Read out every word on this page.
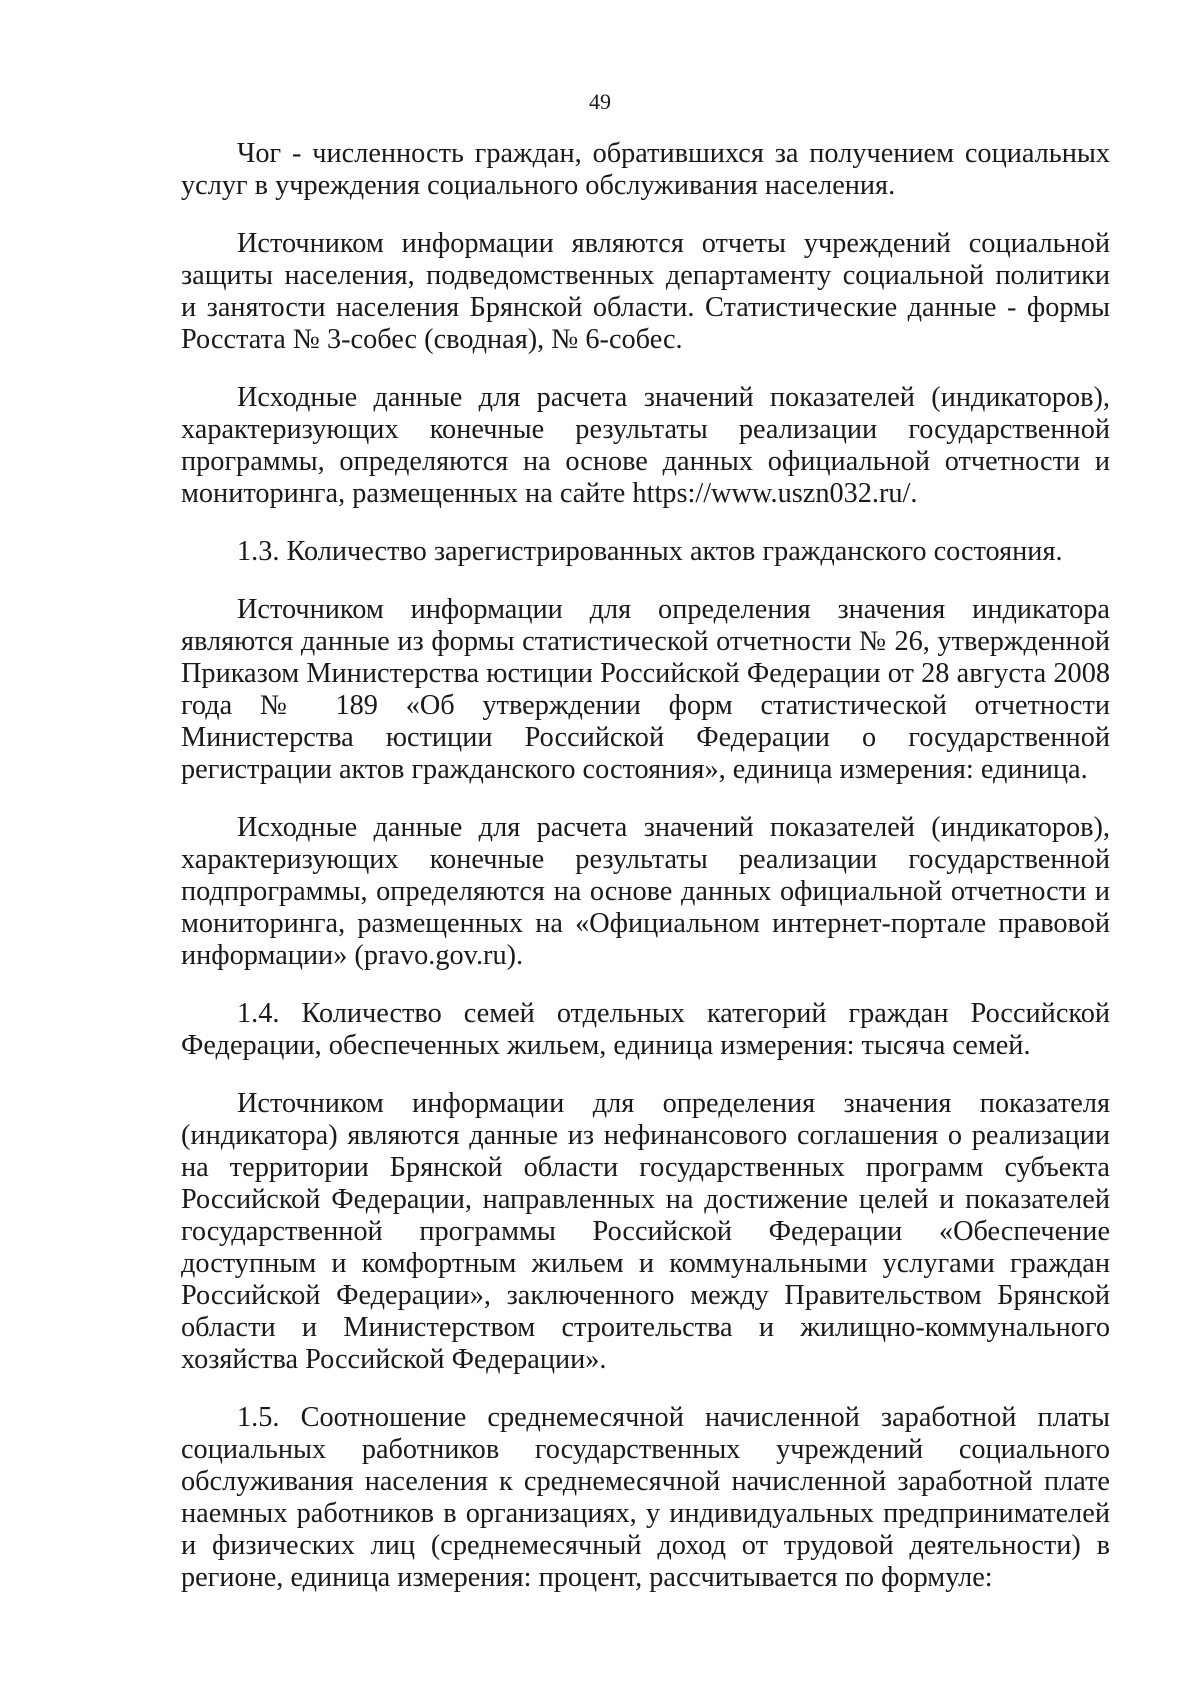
49

Чог - численность граждан, обратившихся за получением социальных услуг в учреждения социального обслуживания населения.

Источником информации являются отчеты учреждений социальной защиты населения, подведомственных департаменту социальной политики и занятости населения Брянской области. Статистические данные - формы Росстата № 3-собес (сводная), № 6-собес.

Исходные данные для расчета значений показателей (индикаторов), характеризующих конечные результаты реализации государственной программы, определяются на основе данных официальной отчетности и мониторинга, размещенных на сайте https://www.uszn032.ru/.

1.3. Количество зарегистрированных актов гражданского состояния.

Источником информации для определения значения индикатора являются данные из формы статистической отчетности № 26, утвержденной Приказом Министерства юстиции Российской Федерации от 28 августа 2008 года № 189 «Об утверждении форм статистической отчетности Министерства юстиции Российской Федерации о государственной регистрации актов гражданского состояния», единица измерения: единица.

Исходные данные для расчета значений показателей (индикаторов), характеризующих конечные результаты реализации государственной подпрограммы, определяются на основе данных официальной отчетности и мониторинга, размещенных на «Официальном интернет-портале правовой информации» (pravo.gov.ru).

1.4. Количество семей отдельных категорий граждан Российской Федерации, обеспеченных жильем, единица измерения: тысяча семей.

Источником информации для определения значения показателя (индикатора) являются данные из нефинансового соглашения о реализации на территории Брянской области государственных программ субъекта Российской Федерации, направленных на достижение целей и показателей государственной программы Российской Федерации «Обеспечение доступным и комфортным жильем и коммунальными услугами граждан Российской Федерации», заключенного между Правительством Брянской области и Министерством строительства и жилищно-коммунального хозяйства Российской Федерации».

1.5. Соотношение среднемесячной начисленной заработной платы социальных работников государственных учреждений социального обслуживания населения к среднемесячной начисленной заработной плате наемных работников в организациях, у индивидуальных предпринимателей и физических лиц (среднемесячный доход от трудовой деятельности) в регионе, единица измерения: процент, рассчитывается по формуле:
